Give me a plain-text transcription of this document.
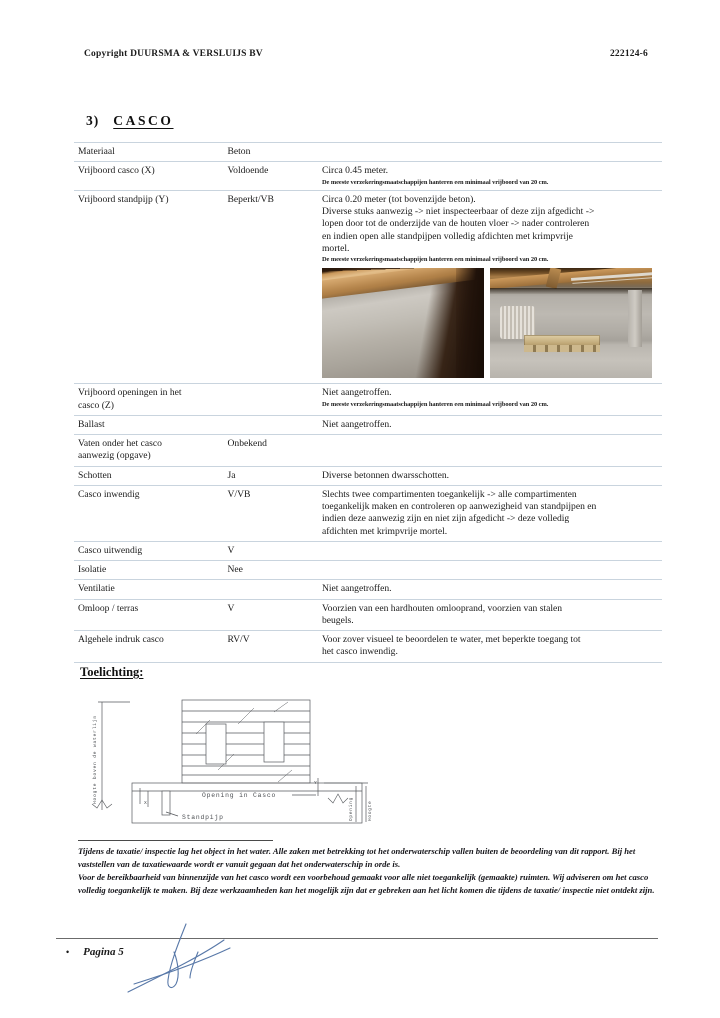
Copyright DUURSMA & VERSLUIJS BV	222124-6
3) CASCO
Materiaal	Beton	
Vrijboord casco (X)	Voldoende	Circa 0.45 meter.
De meeste verzekeringsmaatschappijen hanteren een minimaal vrijboord van 20 cm.

Vrijboord standpijp (Y)	Beperkt/VB	Circa 0.20 meter (tot bovenzijde beton).
Diverse stuks aanwezig -> niet inspecteerbaar of deze zijn afgedicht ->
lopen door tot de onderzijde van de houten vloer -> nader controleren
en indien open alle standpijpen volledig afdichten met krimpvrije
mortel.
De meeste verzekeringsmaatschappijen hanteren een minimaal vrijboord van 20 cm.

Vrijboord openingen in het
casco (Z)		Niet aangetroffen.
De meeste verzekeringsmaatschappijen hanteren een minimaal vrijboord van 20 cm.

Ballast		Niet aangetroffen.

Vaten onder het casco
aanwezig (opgave)	Onbekend	
Schotten	Ja	Diverse betonnen dwarsschotten.
Casco inwendig	V/VB	Slechts twee compartimenten toegankelijk -> alle compartimenten
toegankelijk maken en controleren op aanwezigheid van standpijpen en
indien deze aanwezig zijn en niet zijn afgedicht -> deze volledig
afdichten met krimpvrije mortel.

Casco uitwendig	V	
Isolatie	Nee	
Ventilatie		Niet aangetroffen.
Omloop / terras	V	Voorzien van een hardhouten omlooprand, voorzien van stalen
beugels.

Algehele indruk casco	RV/V	Voor zover visueel te beoordelen te water, met beperkte toegang tot
het casco inwendig.
Toelichting:
Opening in Casco
Standpijp
Hoogte boven de waterlijn
Opening	Hoogte
X
Y

Tijdens de taxatie/ inspectie lag het object in het water. Alle zaken met betrekking tot het onderwaterschip vallen buiten de beoordeling van dit rapport. Bij het vaststellen van de taxatiewaarde wordt er vanuit gegaan dat het onderwaterschip in orde is.

Voor de bereikbaarheid van binnenzijde van het casco wordt een voorbehoud gemaakt voor alle niet toegankelijk (gemaakte) ruimten. Wij adviseren om het casco volledig toegankelijk te maken. Bij deze werkzaamheden kan het mogelijk zijn dat er gebreken aan het licht komen die tijdens de taxatie/ inspectie niet ontdekt zijn.

• Pagina 5
